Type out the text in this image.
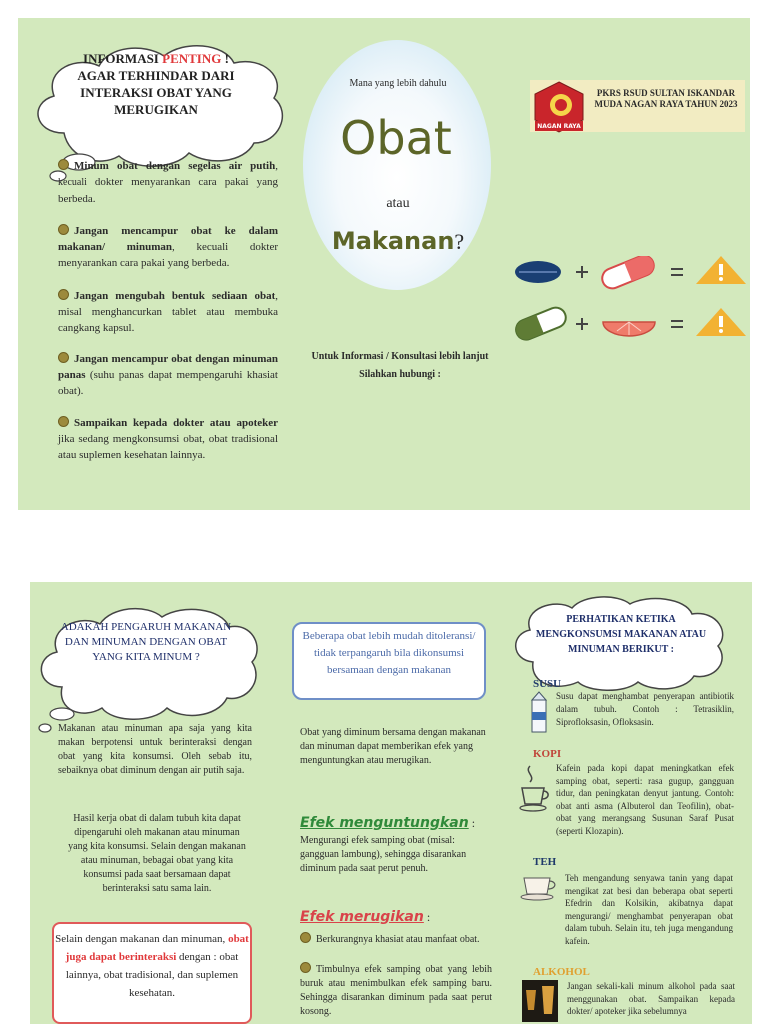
INFORMASI PENTING !
AGAR TERHINDAR DARI INTERAKSI OBAT YANG MERUGIKAN
Minum obat dengan segelas air putih, kecuali dokter menyarankan cara pakai yang berbeda.
Jangan mencampur obat ke dalam makanan/ minuman, kecuali dokter menyarankan cara pakai yang berbeda.
Jangan mengubah bentuk sediaan obat, misal menghancurkan tablet atau membuka cangkang kapsul.
Jangan mencampur obat dengan minuman panas (suhu panas dapat mempengaruhi khasiat obat).
Sampaikan kepada dokter atau apoteker jika sedang mengkonsumsi obat, obat tradisional atau suplemen kesehatan lainnya.
Mana yang lebih dahulu
Obat
atau
Makanan?
Untuk Informasi / Konsultasi lebih lanjut
Silahkan hubungi :
NAGAN RAYA
PKRS RSUD SULTAN ISKANDAR MUDA NAGAN RAYA TAHUN 2023
ADAKAH PENGARUH MAKANAN DAN MINUMAN DENGAN OBAT YANG KITA MINUM ?
Makanan atau minuman apa saja yang kita makan berpotensi untuk berinteraksi dengan obat yang kita konsumsi. Oleh sebab itu, sebaiknya obat diminum dengan air putih saja.
Hasil kerja obat di dalam tubuh kita dapat dipengaruhi oleh makanan atau minuman yang kita konsumsi. Selain dengan makanan atau minuman, bebagai obat yang kita konsumsi pada saat bersamaan dapat berinteraksi satu sama lain.
Selain dengan makanan dan minuman, obat juga dapat berinteraksi dengan : obat lainnya, obat tradisional, dan suplemen kesehatan.
Beberapa obat lebih mudah ditoleransi/ tidak terpangaruh bila dikonsumsi bersamaan dengan makanan
Obat yang diminum bersama dengan makanan dan minuman dapat memberikan efek yang menguntungkan atau merugikan.
Efek menguntungkan :
Mengurangi efek samping obat (misal: gangguan lambung), sehingga disarankan diminum pada saat perut penuh.
Efek merugikan :
Berkurangnya khasiat atau manfaat obat.
Timbulnya efek samping obat yang lebih buruk atau menimbulkan efek samping baru. Sehingga disarankan diminum pada saat perut kosong.
PERHATIKAN KETIKA MENGKONSUMSI MAKANAN ATAU MINUMAN BERIKUT :
SUSU
Susu dapat menghambat penyerapan antibiotik dalam tubuh. Contoh : Tetrasiklin, Siprofloksasin, Ofloksasin.
KOPI
Kafein pada kopi dapat meningkatkan efek samping obat, seperti: rasa gugup, gangguan tidur, dan peningkatan denyut jantung. Contoh: obat anti asma (Albuterol dan Teofilin), obat-obat yang merangsang Susunan Saraf Pusat (seperti Klozapin).
TEH
Teh mengandung senyawa tanin yang dapat mengikat zat besi dan beberapa obat seperti Efedrin dan Kolsikin, akibatnya dapat mengurangi/ menghambat penyerapan obat dalam tubuh. Selain itu, teh juga mengandung kafein.
ALKOHOL
Jangan sekali-kali minum alkohol pada saat menggunakan obat. Sampaikan kepada dokter/ apoteker jika sebelumnya
